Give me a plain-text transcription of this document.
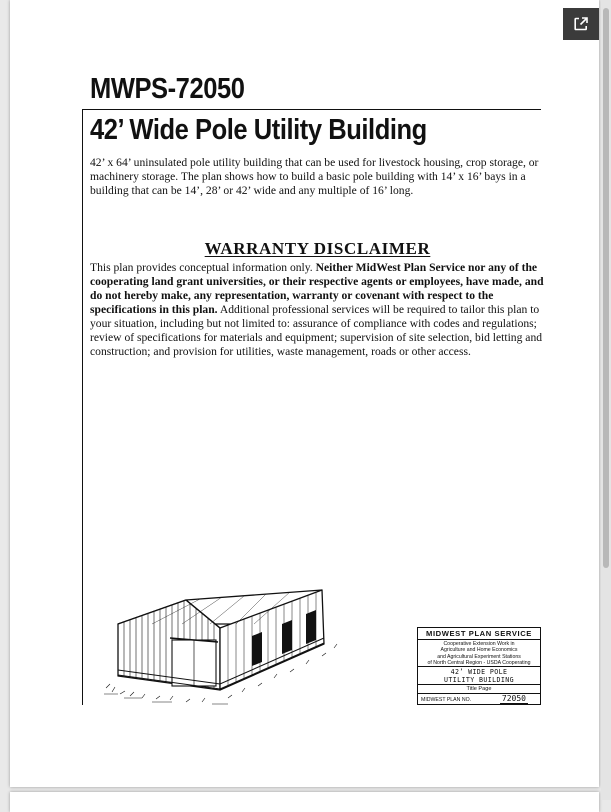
MWPS-72050
42’ Wide Pole Utility Building

42’ x 64’ uninsulated pole utility building that can be used for livestock housing, crop storage, or machinery storage. The plan shows how to build a basic pole building with 14’ x 16’ bays in a building that can be 14’, 28’ or 42’ wide and any multiple of 16’ long.

WARRANTY DISCLAIMER

This plan provides conceptual information only. Neither MidWest Plan Service nor any of the cooperating land grant universities, or their respective agents or employees, have made, and do not hereby make, any representation, warranty or covenant with respect to the specifications in this plan. Additional professional services will be required to tailor this plan to your situation, including but not limited to: assurance of compliance with codes and regulations; review of specifications for materials and equipment; supervision of site selection, bid letting and construction; and provision for utilities, waste management, roads or other access.

MIDWEST PLAN SERVICE
Cooperative Extension Work in
Agriculture and Home Economics
and Agricultural Experiment Stations
of North Central Region - USDA Cooperating
42’ WIDE POLE
UTILITY BUILDING
Title Page
MIDWEST PLAN NO.	72050
